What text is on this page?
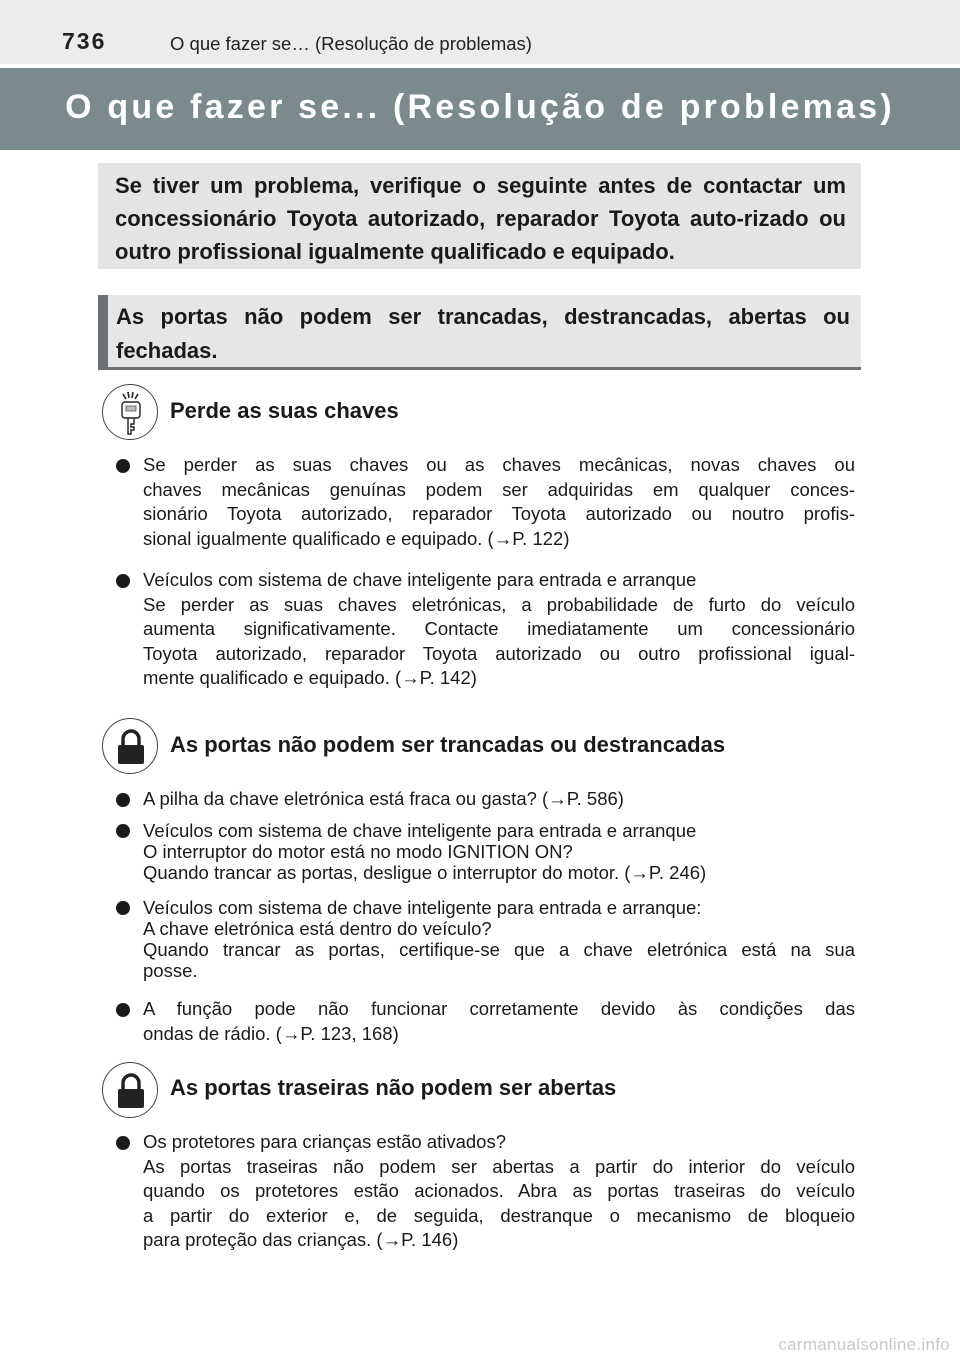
736	O que fazer se… (Resolução de problemas)
O que fazer se... (Resolução de problemas)

Se tiver um problema, verifique o seguinte antes de contactar um concessionário Toyota autorizado, reparador Toyota auto-rizado ou outro profissional igualmente qualificado e equipado.

As portas não podem ser trancadas, destrancadas, abertas ou fechadas.

Perde as suas chaves
Se perder as suas chaves ou as chaves mecânicas, novas chaves ou
chaves mecânicas genuínas podem ser adquiridas em qualquer conces-
sionário Toyota autorizado, reparador Toyota autorizado ou noutro profis-
sional igualmente qualificado e equipado. (→P. 122)
Veículos com sistema de chave inteligente para entrada e arranque
Se perder as suas chaves eletrónicas, a probabilidade de furto do veículo
aumenta significativamente. Contacte imediatamente um concessionário
Toyota autorizado, reparador Toyota autorizado ou outro profissional igual-
mente qualificado e equipado. (→P. 142)
As portas não podem ser trancadas ou destrancadas
A pilha da chave eletrónica está fraca ou gasta? (→P. 586)
Veículos com sistema de chave inteligente para entrada e arranque
O interruptor do motor está no modo IGNITION ON?
Quando trancar as portas, desligue o interruptor do motor. (→P. 246)
Veículos com sistema de chave inteligente para entrada e arranque:
A chave eletrónica está dentro do veículo?
Quando trancar as portas, certifique-se que a chave eletrónica está na sua
posse.
A função pode não funcionar corretamente devido às condições das
ondas de rádio. (→P. 123, 168)
As portas traseiras não podem ser abertas
Os protetores para crianças estão ativados?
As portas traseiras não podem ser abertas a partir do interior do veículo
quando os protetores estão acionados. Abra as portas traseiras do veículo
a partir do exterior e, de seguida, destranque o mecanismo de bloqueio
para proteção das crianças. (→P. 146)
carmanualsonline.info
